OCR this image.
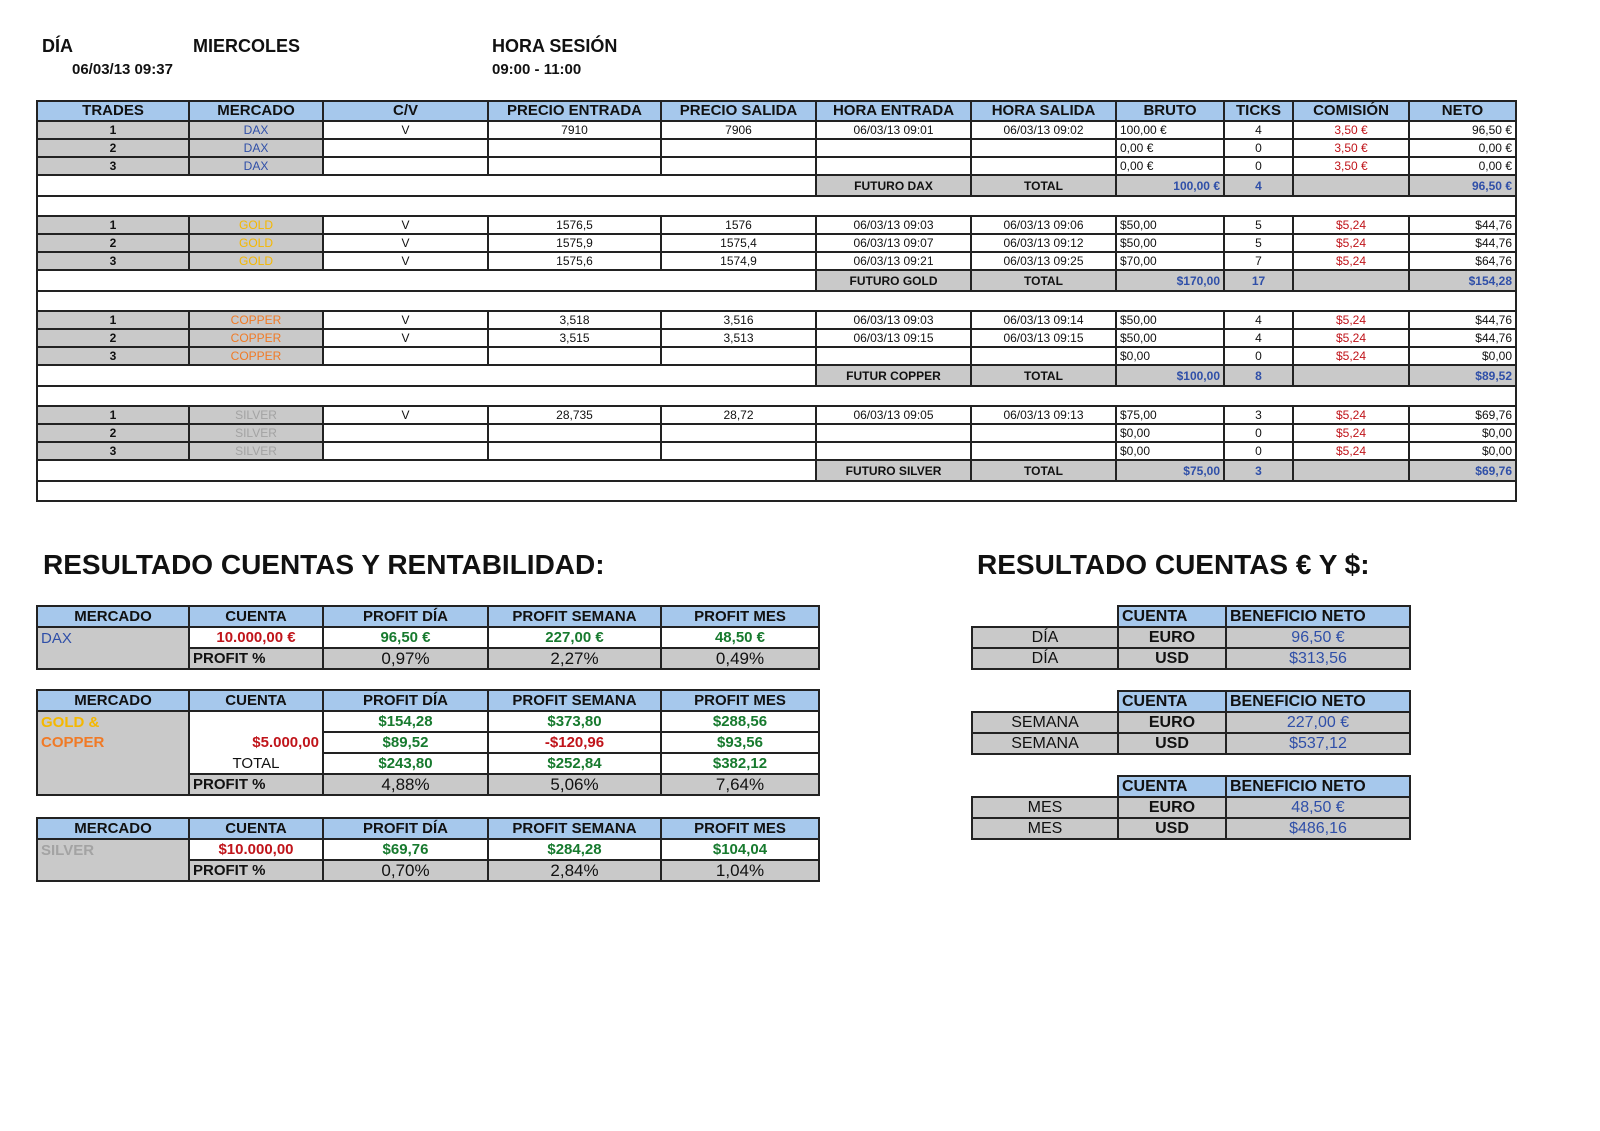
DÍA	MIERCOLES
06/03/13 09:37
HORA SESIÓN
09:00 - 11:00
TRADES	MERCADO	C/V	PRECIO ENTRADA	PRECIO SALIDA	HORA ENTRADA	HORA SALIDA	BRUTO	TICKS	COMISIÓN	NETO
1	DAX	V	7910	7906	06/03/13 09:01	06/03/13 09:02	100,00 €	4	3,50 €	96,50 €
2	DAX						0,00 €	0	3,50 €	0,00 €
3	DAX						0,00 €	0	3,50 €	0,00 €
					FUTURO DAX	TOTAL	100,00 €	4		96,50 €

1	GOLD	V	1576,5	1576	06/03/13 09:03	06/03/13 09:06	$50,00	5	$5,24	$44,76
2	GOLD	V	1575,9	1575,4	06/03/13 09:07	06/03/13 09:12	$50,00	5	$5,24	$44,76
3	GOLD	V	1575,6	1574,9	06/03/13 09:21	06/03/13 09:25	$70,00	7	$5,24	$64,76
					FUTURO GOLD	TOTAL	$170,00	17		$154,28

1	COPPER	V	3,518	3,516	06/03/13 09:03	06/03/13 09:14	$50,00	4	$5,24	$44,76
2	COPPER	V	3,515	3,513	06/03/13 09:15	06/03/13 09:15	$50,00	4	$5,24	$44,76
3	COPPER						$0,00	0	$5,24	$0,00
					FUTUR COPPER	TOTAL	$100,00	8		$89,52

1	SILVER	V	28,735	28,72	06/03/13 09:05	06/03/13 09:13	$75,00	3	$5,24	$69,76
2	SILVER						$0,00	0	$5,24	$0,00
3	SILVER						$0,00	0	$5,24	$0,00
					FUTURO SILVER	TOTAL	$75,00	3		$69,76

RESULTADO CUENTAS Y RENTABILIDAD:	RESULTADO CUENTAS € Y $:
MERCADO	CUENTA	PROFIT DÍA	PROFIT SEMANA	PROFIT MES
DAX	10.000,00 €	96,50 €	227,00 €	48,50 €
	PROFIT %	0,97%	2,27%	0,49%
MERCADO	CUENTA	PROFIT DÍA	PROFIT SEMANA	PROFIT MES
GOLD &		$154,28	$373,80	$288,56
COPPER	$5.000,00	$89,52	-$120,96	$93,56
	TOTAL	$243,80	$252,84	$382,12
	PROFIT %	4,88%	5,06%	7,64%
MERCADO	CUENTA	PROFIT DÍA	PROFIT SEMANA	PROFIT MES
SILVER	$10.000,00	$69,76	$284,28	$104,04
	PROFIT %	0,70%	2,84%	1,04%
	CUENTA	BENEFICIO NETO
DÍA	EURO	96,50 €
DÍA	USD	$313,56
	CUENTA	BENEFICIO NETO
SEMANA	EURO	227,00 €
SEMANA	USD	$537,12
	CUENTA	BENEFICIO NETO
MES	EURO	48,50 €
MES	USD	$486,16
